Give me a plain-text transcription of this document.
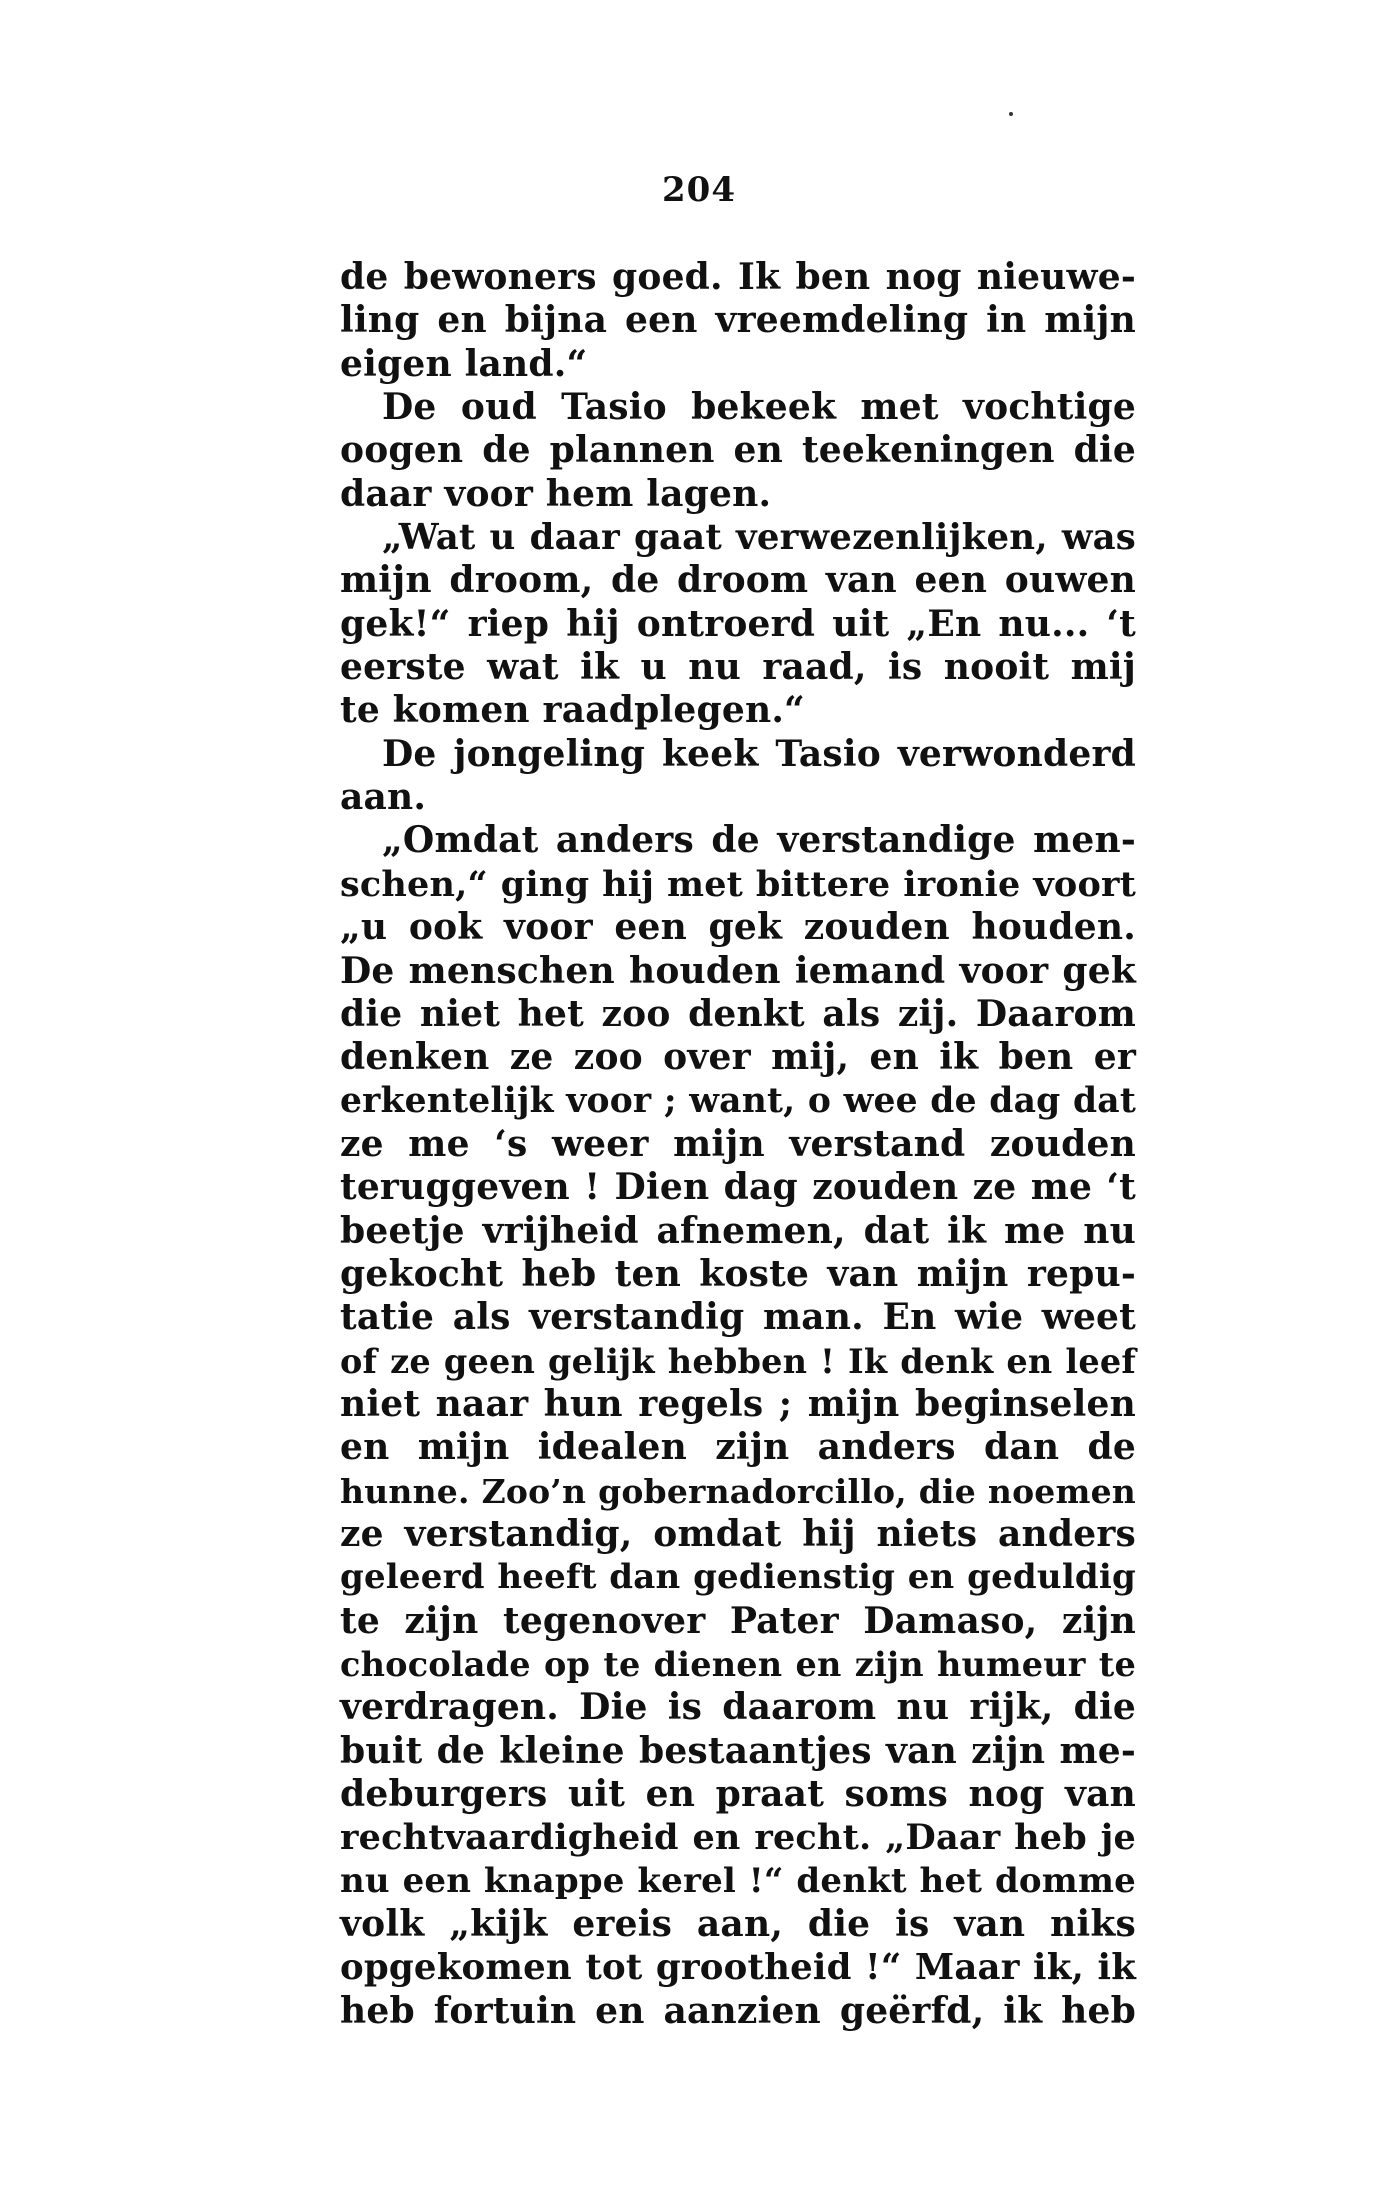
204
de bewoners goed. Ik ben nog nieuwe-
ling en bijna een vreemdeling in mijn
eigen land.“
De oud Tasio bekeek met vochtige
oogen de plannen en teekeningen die
daar voor hem lagen.
„Wat u daar gaat verwezenlijken, was
mijn droom, de droom van een ouwen
gek!“ riep hij ontroerd uit „En nu... ‘t
eerste wat ik u nu raad, is nooit mij
te komen raadplegen.“
De jongeling keek Tasio verwonderd
aan.
„Omdat anders de verstandige men-
schen,“ ging hij met bittere ironie voort
„u ook voor een gek zouden houden.
De menschen houden iemand voor gek
die niet het zoo denkt als zij. Daarom
denken ze zoo over mij, en ik ben er
erkentelijk voor ; want, o wee de dag dat
ze me ‘s weer mijn verstand zouden
teruggeven ! Dien dag zouden ze me ‘t
beetje vrijheid afnemen, dat ik me nu
gekocht heb ten koste van mijn repu-
tatie als verstandig man. En wie weet
of ze geen gelijk hebben ! Ik denk en leef
niet naar hun regels ; mijn beginselen
en mijn idealen zijn anders dan de
hunne. Zoo’n gobernadorcillo, die noemen
ze verstandig, omdat hij niets anders
geleerd heeft dan gedienstig en geduldig
te zijn tegenover Pater Damaso, zijn
chocolade op te dienen en zijn humeur te
verdragen. Die is daarom nu rijk, die
buit de kleine bestaantjes van zijn me-
deburgers uit en praat soms nog van
rechtvaardigheid en recht. „Daar heb je
nu een knappe kerel !“ denkt het domme
volk „kijk ereis aan, die is van niks
opgekomen tot grootheid !“ Maar ik, ik
heb fortuin en aanzien geërfd, ik heb
